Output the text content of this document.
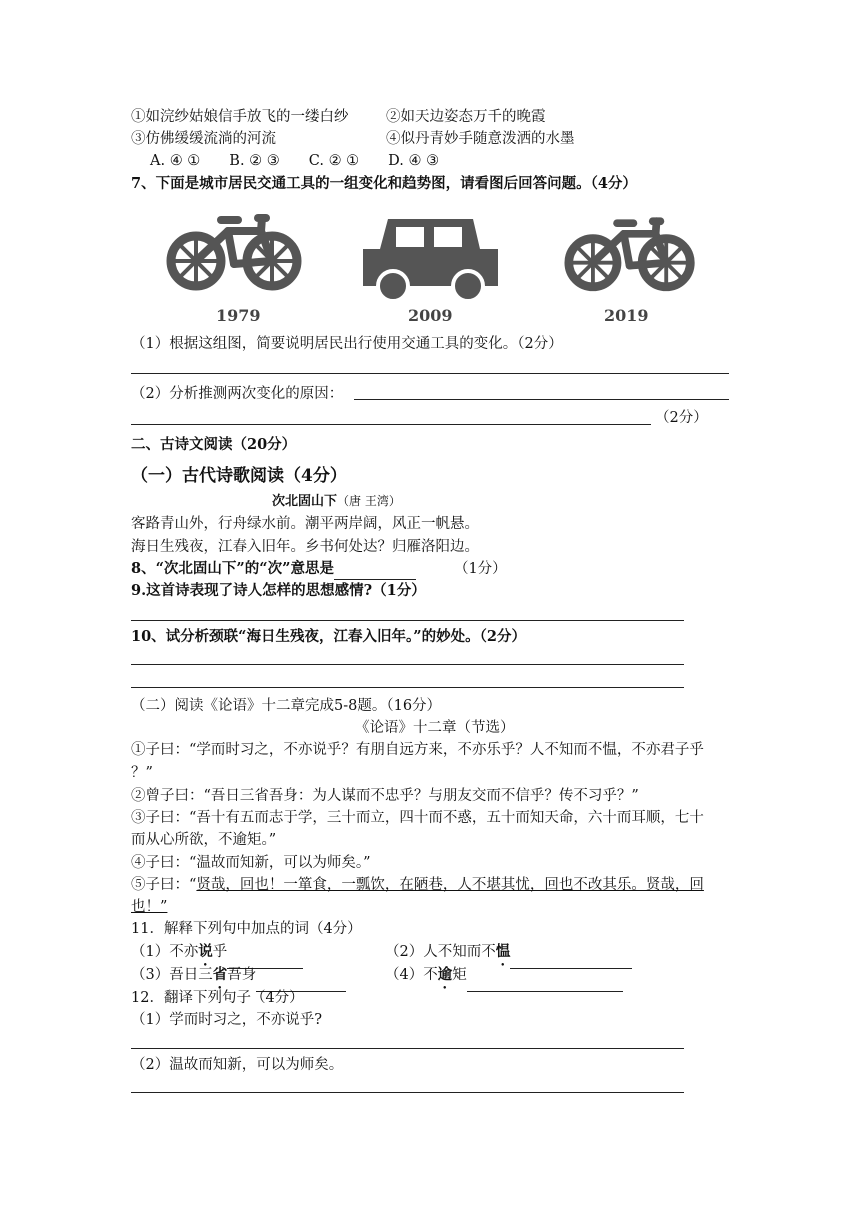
①如浣纱姑娘信手放飞的一缕白纱	②如天边姿态万千的晚霞
③仿佛缓缓流淌的河流	④似丹青妙手随意泼洒的水墨
A. ④ ①　　B. ② ③　　C. ② ①　　D. ④ ③
7、下面是城市居民交通工具的一组变化和趋势图，请看图后回答问题。（4分）
1979	2009	2019
（1）根据这组图，简要说明居民出行使用交通工具的变化。（2分）
（2）分析推测两次变化的原因：
（2分）
二、古诗文阅读（20分）
（一）古代诗歌阅读（4分）
次北固山下（唐 王湾）
客路青山外，行舟绿水前。潮平两岸阔，风正一帆悬。
海日生残夜，江春入旧年。乡书何处达？归雁洛阳边。
8、“次北固山下”的“次”意思是	（1分）
9.这首诗表现了诗人怎样的思想感情?（1分）
10、试分析颈联“海日生残夜，江春入旧年。”的妙处。（2分）
（二）阅读《论语》十二章完成5-8题。（16分）
《论语》十二章（节选）
①子曰：“学而时习之，不亦说乎？有朋自远方来，不亦乐乎？人不知而不愠，不亦君子乎
？”
②曾子曰：“吾日三省吾身：为人谋而不忠乎？与朋友交而不信乎？传不习乎？”
③子曰：“吾十有五而志于学，三十而立，四十而不惑，五十而知天命，六十而耳顺，七十
而从心所欲，不逾矩。”
④子曰：“温故而知新，可以为师矣。”
⑤子曰：“贤哉，回也！一箪食，一瓢饮，在陋巷，人不堪其忧，回也不改其乐。贤哉，回
也！”
11．解释下列句中加点的词（4分）
（1）不亦说乎	（2）人不知而不愠
（3）吾日三省吾身	（4）不逾矩
12．翻译下列句子（4分）
（1）学而时习之，不亦说乎?
（2）温故而知新，可以为师矣。
